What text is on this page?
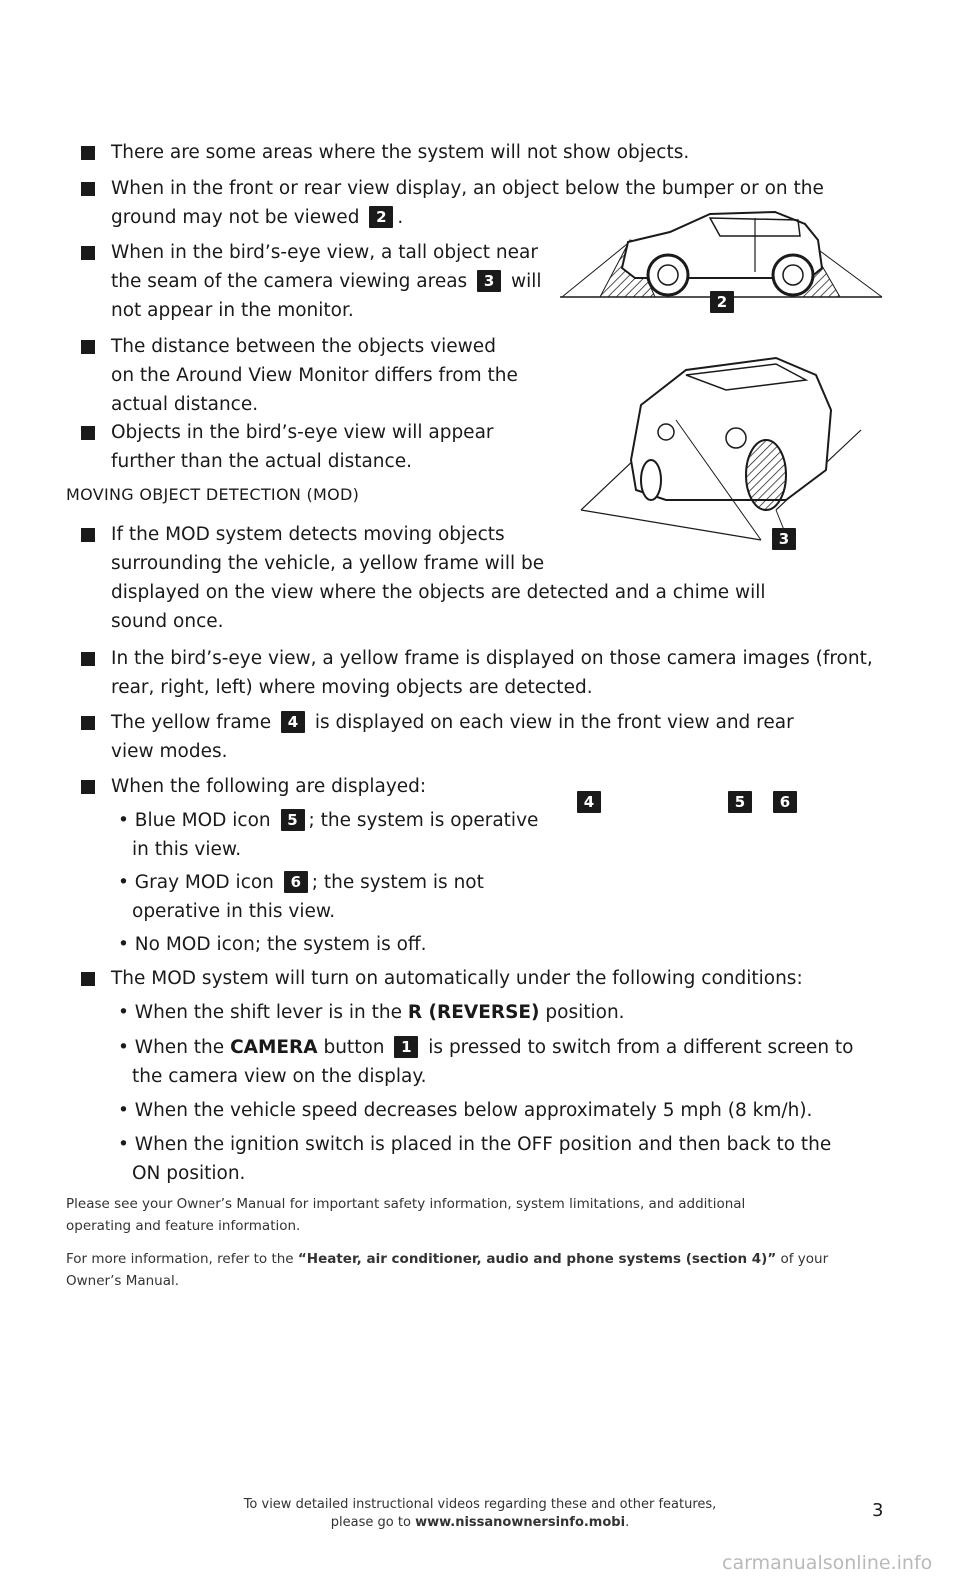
There are some areas where the system will not show objects.
When in the front or rear view display, an object below the bumper or on the
ground may not be viewed 2 .
When in the bird’s-eye view, a tall object near
the seam of the camera viewing areas 3 will
not appear in the monitor.
The distance between the objects viewed
on the Around View Monitor differs from the
actual distance.
Objects in the bird’s-eye view will appear
further than the actual distance.
2
3
MOVING OBJECT DETECTION (MOD)
If the MOD system detects moving objects
surrounding the vehicle, a yellow frame will be
displayed on the view where the objects are detected and a chime will
sound once.
In the bird’s-eye view, a yellow frame is displayed on those camera images (front,
rear, right, left) where moving objects are detected.
The yellow frame 4 is displayed on each view in the front view and rear
view modes.
When the following are displayed:
• Blue MOD icon 5 ; the system is operative
in this view.
• Gray MOD icon 6 ; the system is not
operative in this view.
• No MOD icon; the system is off.
4	5	6
The MOD system will turn on automatically under the following conditions:
• When the shift lever is in the R (REVERSE) position.
• When the CAMERA button 1 is pressed to switch from a different screen to
the camera view on the display.
• When the vehicle speed decreases below approximately 5 mph (8 km/h).
• When the ignition switch is placed in the OFF position and then back to the
ON position.
Please see your Owner’s Manual for important safety information, system limitations, and additional
operating and feature information.
For more information, refer to the “Heater, air conditioner, audio and phone systems (section 4)” of your
Owner’s Manual.
To view detailed instructional videos regarding these and other features,
please go to www.nissanownersinfo.mobi.
3
carmanualsonline.info
